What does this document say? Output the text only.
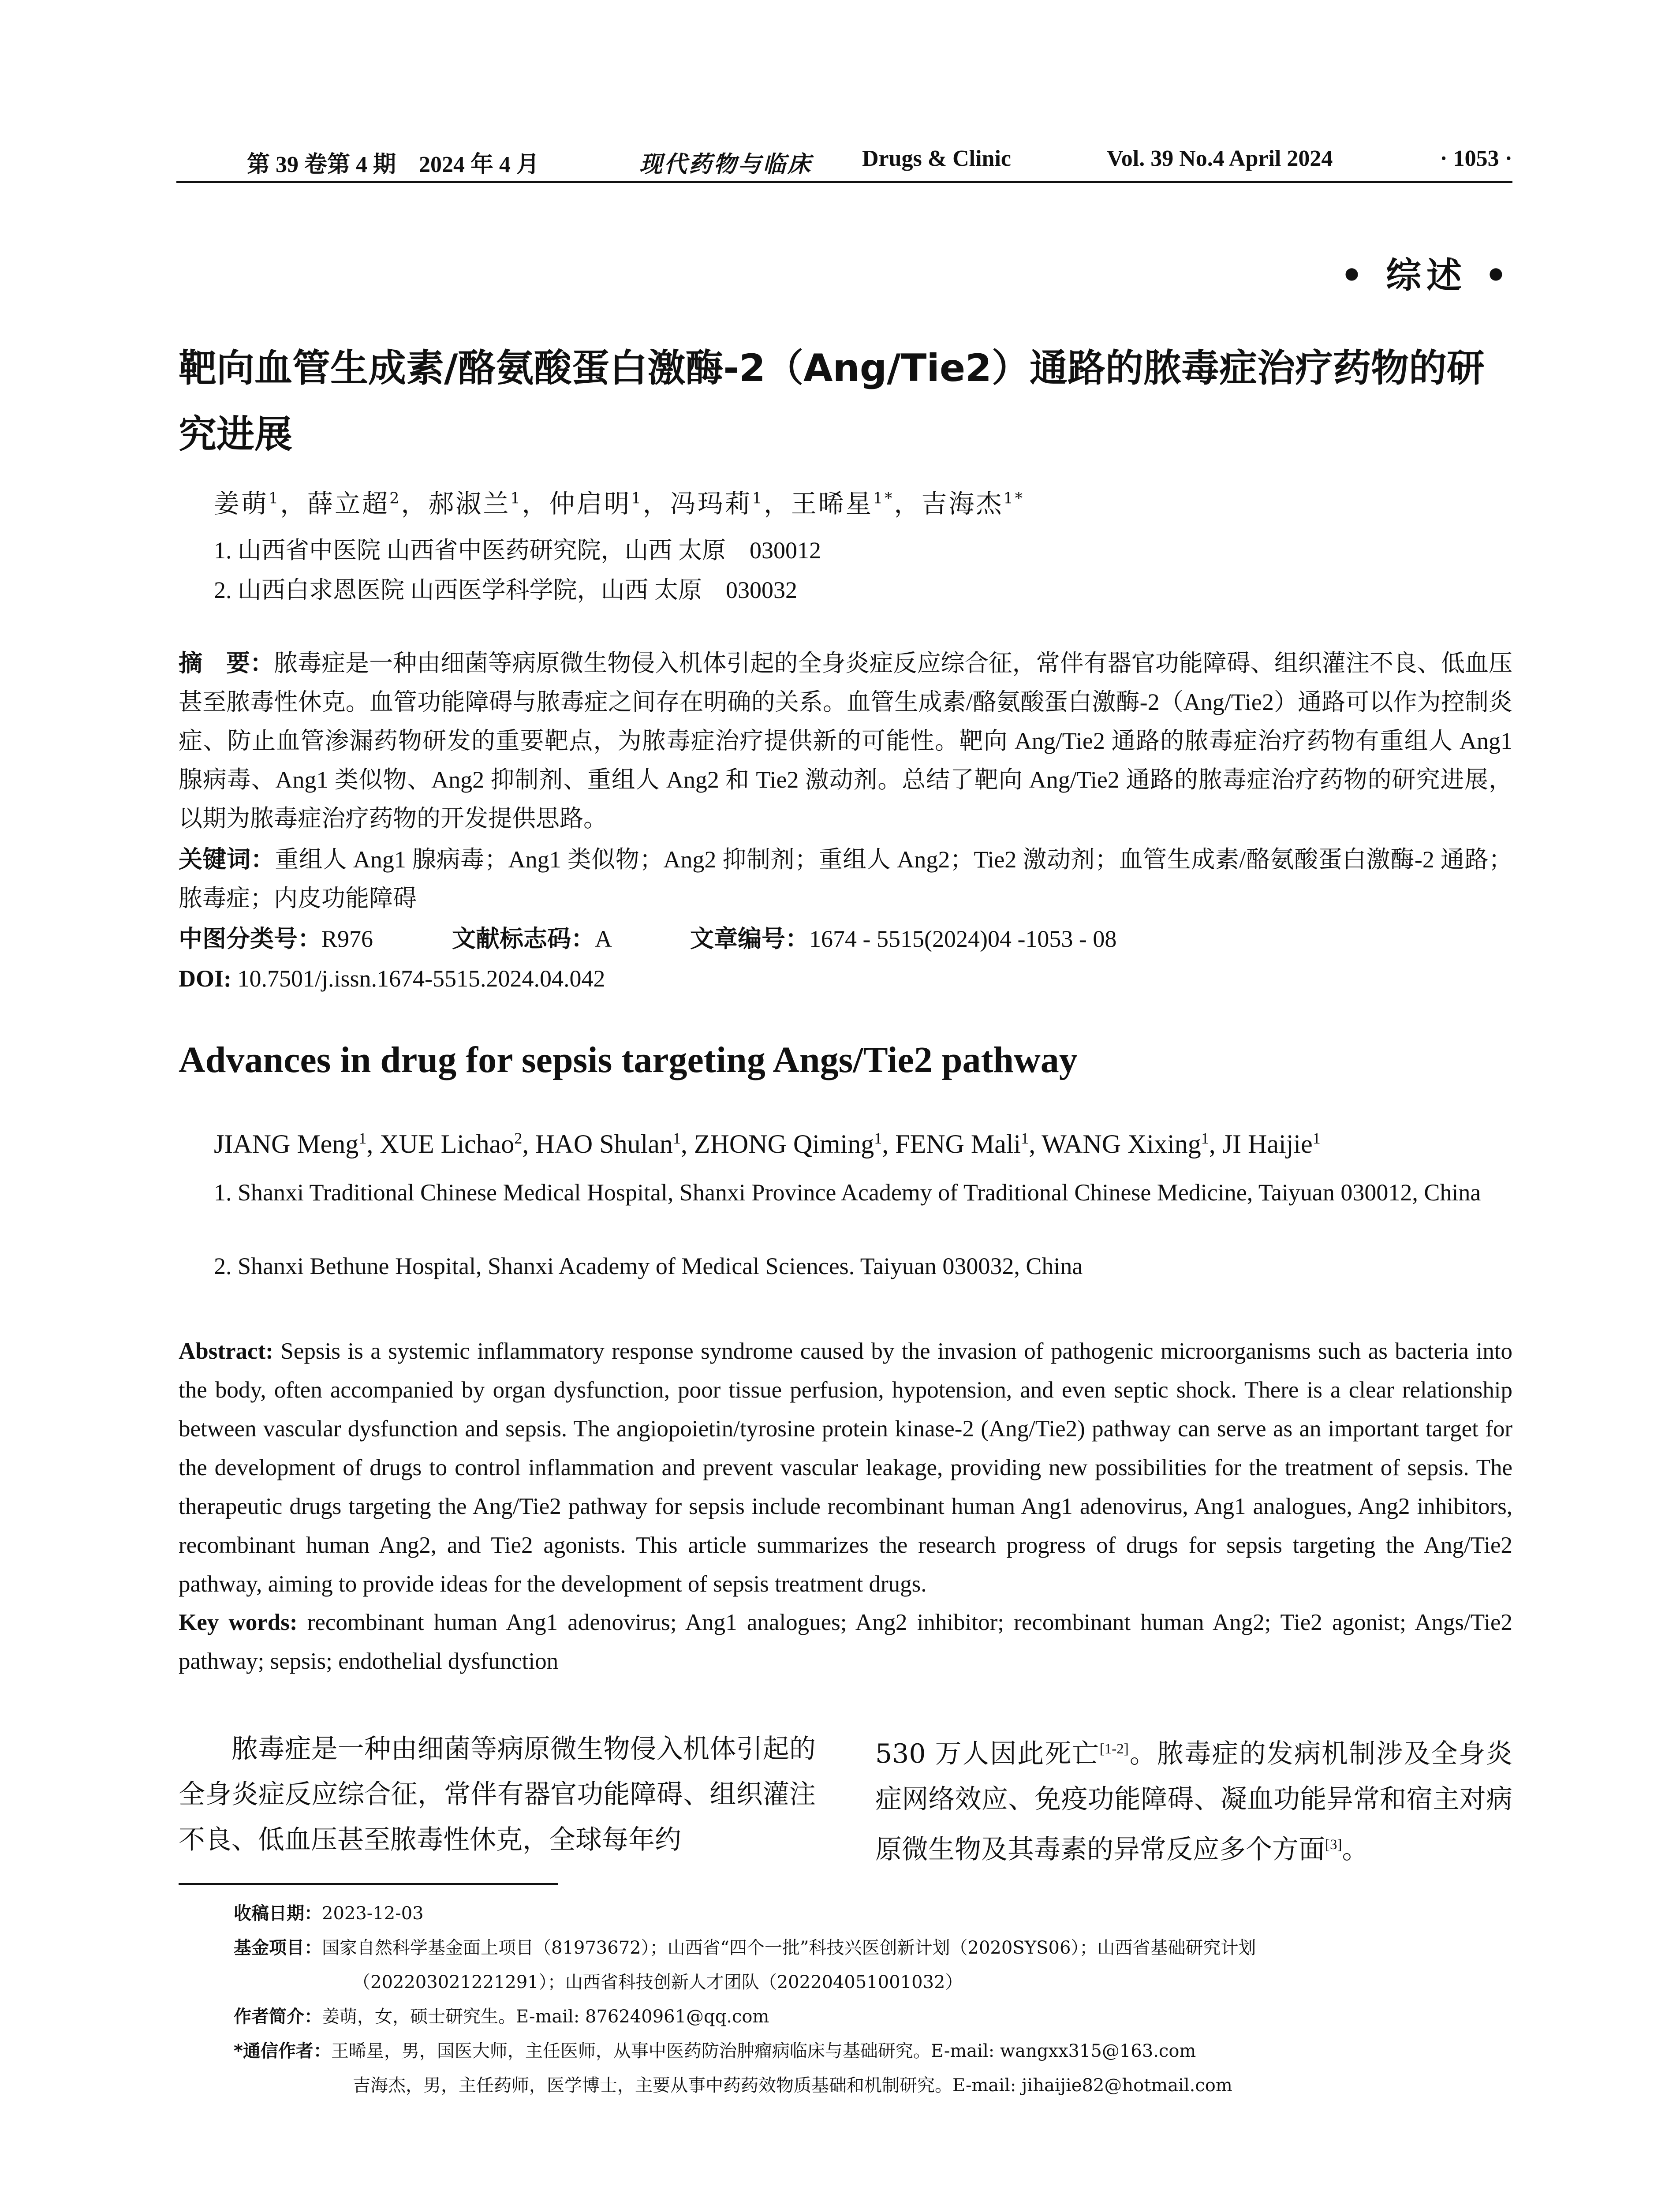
第 39 卷第 4 期　2024 年 4 月	现代药物与临床 Drugs & Clinic	Vol. 39 No.4 April 2024	· 1053 ·
• 综述 •
靶向血管生成素/酪氨酸蛋白激酶-2（Ang/Tie2）通路的脓毒症治疗药物的研究进展
姜萌$^1$，薛立超$^2$，郝淑兰$^1$，仲启明$^1$，冯玛莉$^1$，王晞星$^{1*}$，吉海杰$^{1*}$
1. 山西省中医院 山西省中医药研究院，山西 太原　030012
2. 山西白求恩医院 山西医学科学院，山西 太原　030032

摘　要：脓毒症是一种由细菌等病原微生物侵入机体引起的全身炎症反应综合征，常伴有器官功能障碍、组织灌注不良、低血压甚至脓毒性休克。血管功能障碍与脓毒症之间存在明确的关系。血管生成素/酪氨酸蛋白激酶-2（Ang/Tie2）通路可以作为控制炎症、防止血管渗漏药物研发的重要靶点，为脓毒症治疗提供新的可能性。靶向 Ang/Tie2 通路的脓毒症治疗药物有重组人 Ang1 腺病毒、Ang1 类似物、Ang2 抑制剂、重组人 Ang2 和 Tie2 激动剂。总结了靶向 Ang/Tie2 通路的脓毒症治疗药物的研究进展，以期为脓毒症治疗药物的开发提供思路。

关键词：重组人 Ang1 腺病毒；Ang1 类似物；Ang2 抑制剂；重组人 Ang2；Tie2 激动剂；血管生成素/酪氨酸蛋白激酶-2 通路；脓毒症；内皮功能障碍

中图分类号：R976	文献标志码：A	文章编号：1674 - 5515(2024)04 -1053 - 08

DOI: 10.7501/j.issn.1674-5515.2024.04.042

Advances in drug for sepsis targeting Angs/Tie2 pathway
JIANG Meng$^1$, XUE Lichao$^2$, HAO Shulan$^1$, ZHONG Qiming$^1$, FENG Mali$^1$, WANG Xixing$^1$, JI Haijie$^1$
1. Shanxi Traditional Chinese Medical Hospital, Shanxi Province Academy of Traditional Chinese Medicine, Taiyuan 030012, China
2. Shanxi Bethune Hospital, Shanxi Academy of Medical Sciences. Taiyuan 030032, China

Abstract: Sepsis is a systemic inflammatory response syndrome caused by the invasion of pathogenic microorganisms such as bacteria into the body, often accompanied by organ dysfunction, poor tissue perfusion, hypotension, and even septic shock. There is a clear relationship between vascular dysfunction and sepsis. The angiopoietin/tyrosine protein kinase-2 (Ang/Tie2) pathway can serve as an important target for the development of drugs to control inflammation and prevent vascular leakage, providing new possibilities for the treatment of sepsis. The therapeutic drugs targeting the Ang/Tie2 pathway for sepsis include recombinant human Ang1 adenovirus, Ang1 analogues, Ang2 inhibitors, recombinant human Ang2, and Tie2 agonists. This article summarizes the research progress of drugs for sepsis targeting the Ang/Tie2 pathway, aiming to provide ideas for the development of sepsis treatment drugs.

Key words: recombinant human Ang1 adenovirus; Ang1 analogues; Ang2 inhibitor; recombinant human Ang2; Tie2 agonist; Angs/Tie2 pathway; sepsis; endothelial dysfunction

脓毒症是一种由细菌等病原微生物侵入机体引起的全身炎症反应综合征，常伴有器官功能障碍、组织灌注不良、低血压甚至脓毒性休克，全球每年约

530 万人因此死亡[1-2]。脓毒症的发病机制涉及全身炎症网络效应、免疫功能障碍、凝血功能异常和宿主对病原微生物及其毒素的异常反应多个方面[3]。

收稿日期：2023-12-03

基金项目：国家自然科学基金面上项目（81973672）；山西省“四个一批”科技兴医创新计划（2020SYS06）；山西省基础研究计划
（202203021221291）；山西省科技创新人才团队（202204051001032）

作者简介：姜萌，女，硕士研究生。E-mail: 876240961@qq.com

*通信作者：王晞星，男，国医大师，主任医师，从事中医药防治肿瘤病临床与基础研究。E-mail: wangxx315@163.com
吉海杰，男，主任药师，医学博士，主要从事中药药效物质基础和机制研究。E-mail: jihaijie82@hotmail.com
